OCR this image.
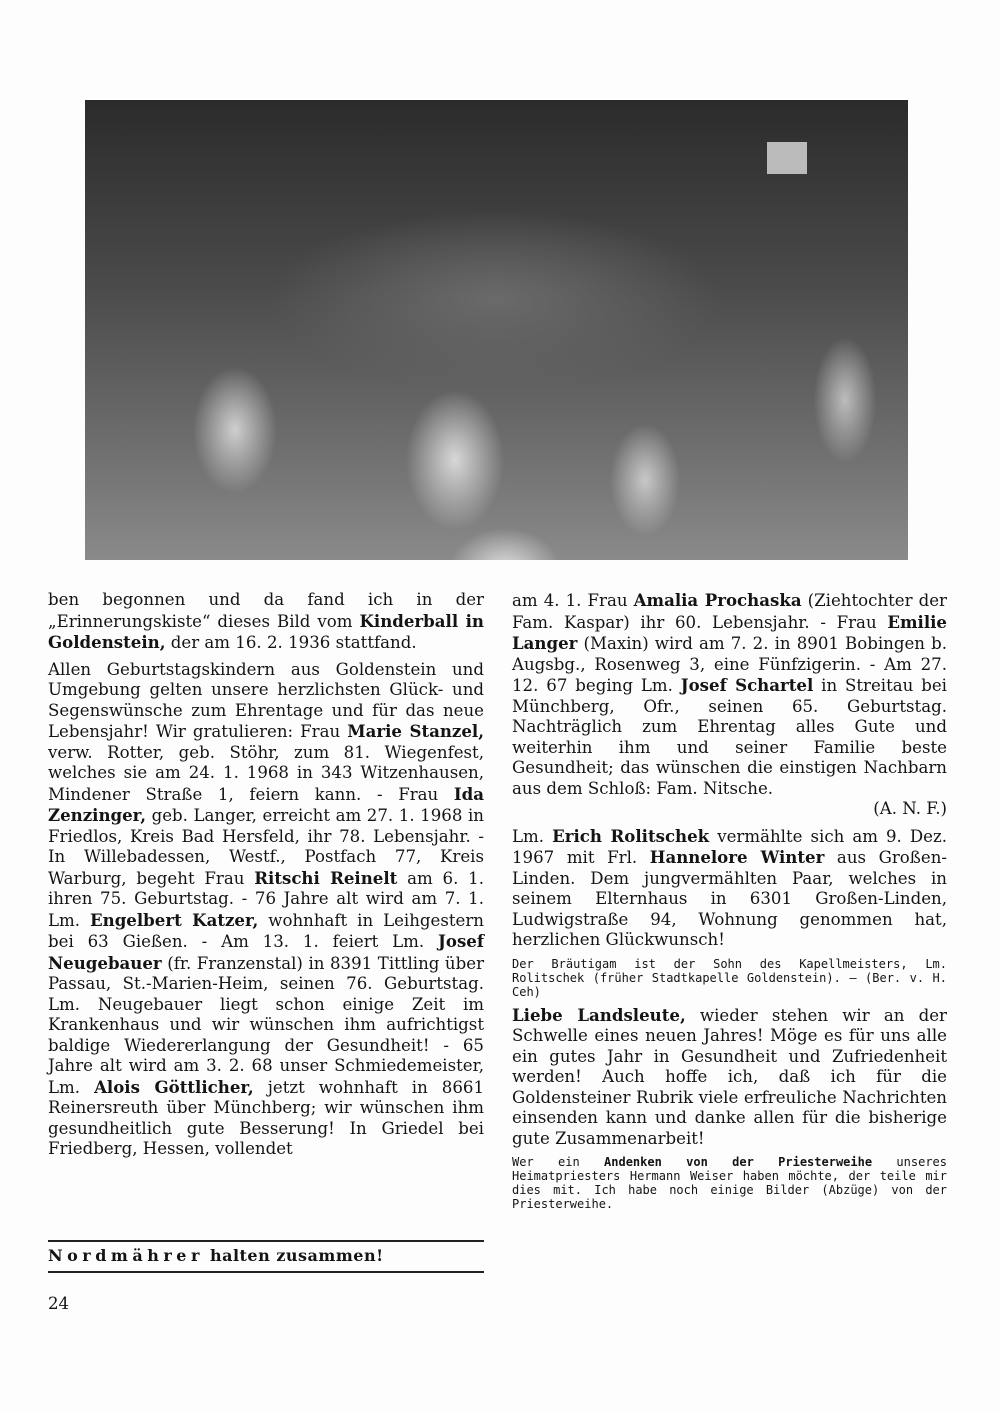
ben begonnen und da fand ich in der „Erinnerungskiste“ dieses Bild vom Kinderball in Goldenstein, der am 16. 2. 1936 stattfand.

Allen Geburtstagskindern aus Goldenstein und Umgebung gelten unsere herzlichsten Glück- und Segenswünsche zum Ehrentage und für das neue Lebensjahr! Wir gratulieren: Frau Marie Stanzel, verw. Rotter, geb. Stöhr, zum 81. Wiegenfest, welches sie am 24. 1. 1968 in 343 Witzenhausen, Mindener Straße 1, feiern kann. - Frau Ida Zenzinger, geb. Langer, erreicht am 27. 1. 1968 in Friedlos, Kreis Bad Hersfeld, ihr 78. Lebensjahr. - In Willebadessen, Westf., Postfach 77, Kreis Warburg, begeht Frau Ritschi Reinelt am 6. 1. ihren 75. Geburtstag. - 76 Jahre alt wird am 7. 1. Lm. Engelbert Katzer, wohnhaft in Leihgestern bei 63 Gießen. - Am 13. 1. feiert Lm. Josef Neugebauer (fr. Franzenstal) in 8391 Tittling über Passau, St.-Marien-Heim, seinen 76. Geburtstag. Lm. Neugebauer liegt schon einige Zeit im Krankenhaus und wir wünschen ihm aufrichtigst baldige Wiedererlangung der Gesundheit! - 65 Jahre alt wird am 3. 2. 68 unser Schmiedemeister, Lm. Alois Göttlicher, jetzt wohnhaft in 8661 Reinersreuth über Münchberg; wir wünschen ihm gesundheitlich gute Besserung! In Griedel bei Friedberg, Hessen, vollendet

am 4. 1. Frau Amalia Prochaska (Ziehtochter der Fam. Kaspar) ihr 60. Lebensjahr. - Frau Emilie Langer (Maxin) wird am 7. 2. in 8901 Bobingen b. Augsbg., Rosenweg 3, eine Fünfzigerin. - Am 27. 12. 67 beging Lm. Josef Schartel in Streitau bei Münchberg, Ofr., seinen 65. Geburtstag. Nachträglich zum Ehrentag alles Gute und weiterhin ihm und seiner Familie beste Gesundheit; das wünschen die einstigen Nachbarn aus dem Schloß: Fam. Nitsche.

(A. N. F.)

Lm. Erich Rolitschek vermählte sich am 9. Dez. 1967 mit Frl. Hannelore Winter aus Großen-Linden. Dem jungvermählten Paar, welches in seinem Elternhaus in 6301 Großen-Linden, Ludwigstraße 94, Wohnung genommen hat, herzlichen Glückwunsch!

Der Bräutigam ist der Sohn des Kapellmeisters, Lm. Rolitschek (früher Stadtkapelle Goldenstein). — (Ber. v. H. Ceh)

Liebe Landsleute, wieder stehen wir an der Schwelle eines neuen Jahres! Möge es für uns alle ein gutes Jahr in Gesundheit und Zufriedenheit werden! Auch hoffe ich, daß ich für die Goldensteiner Rubrik viele erfreuliche Nachrichten einsenden kann und danke allen für die bisherige gute Zusammenarbeit!

Wer ein Andenken von der Priesterweihe unseres Heimatpriesters Hermann Weiser haben möchte, der teile mir dies mit. Ich habe noch einige Bilder (Abzüge) von der Priesterweihe.

Nordmährer halten zusammen!
24
